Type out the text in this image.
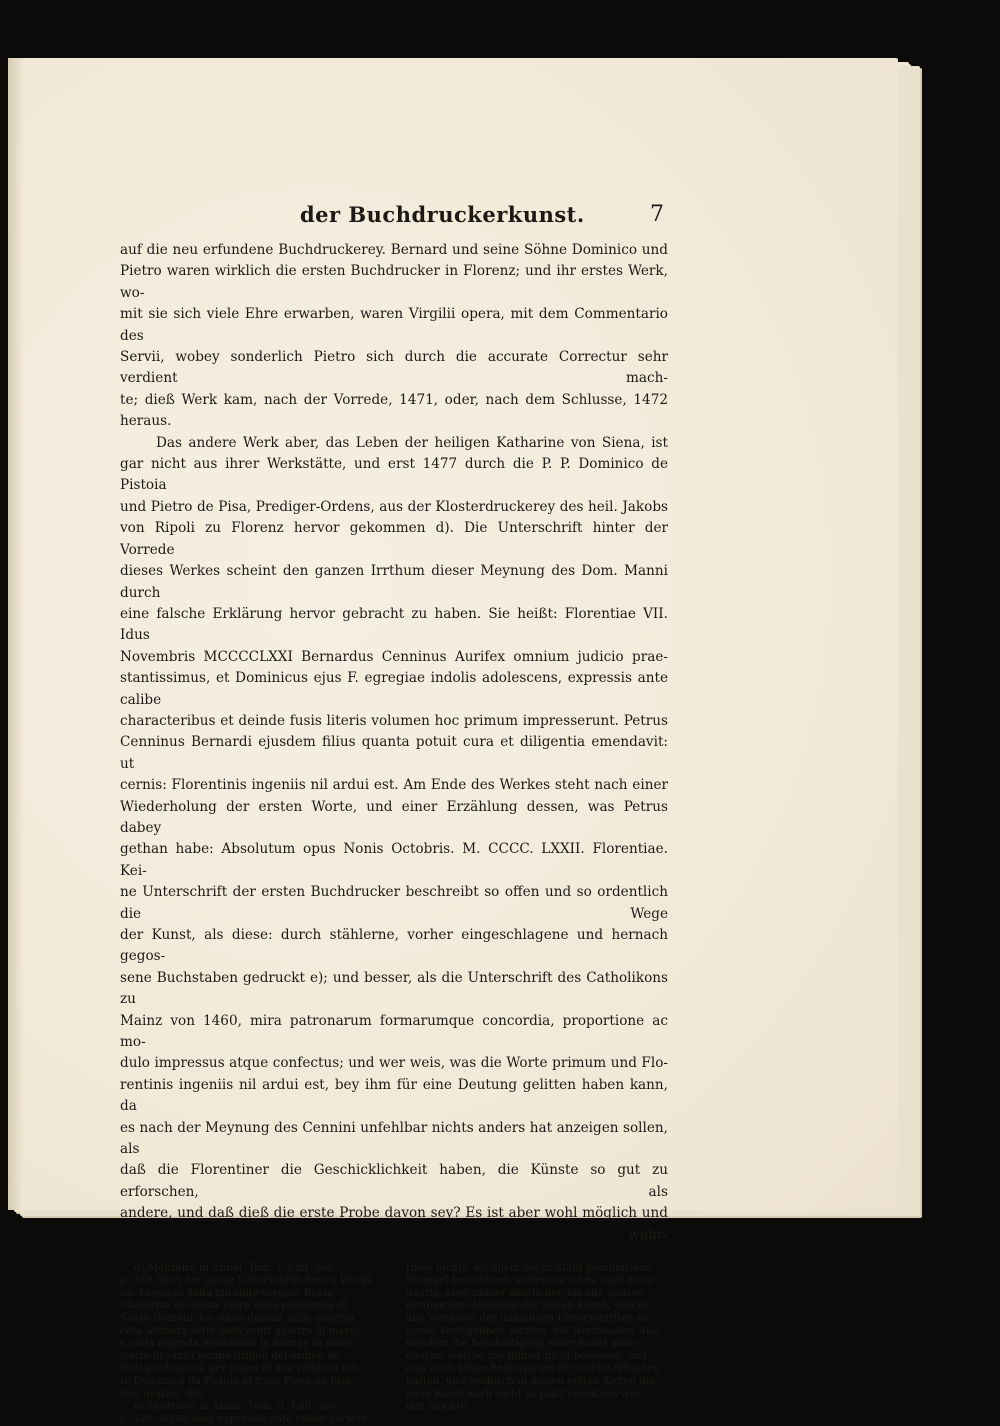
der Buchdruckerkunst.	7

auf die neu erfundene Buchdruckerey. Bernard und seine Söhne Dominico und

Pietro waren wirklich die ersten Buchdrucker in Florenz; und ihr erstes Werk, wo-

mit sie sich viele Ehre erwarben, waren Virgilii opera, mit dem Commentario des

Servii, wobey sonderlich Pietro sich durch die accurate Correctur sehr verdient mach-

te; dieß Werk kam, nach der Vorrede, 1471, oder, nach dem Schlusse, 1472 heraus.

Das andere Werk aber, das Leben der heiligen Katharine von Siena, ist

gar nicht aus ihrer Werkstätte, und erst 1477 durch die P. P. Dominico de Pistoia

und Pietro de Pisa, Prediger-Ordens, aus der Klosterdruckerey des heil. Jakobs

von Ripoli zu Florenz hervor gekommen d). Die Unterschrift hinter der Vorrede

dieses Werkes scheint den ganzen Irrthum dieser Meynung des Dom. Manni durch

eine falsche Erklärung hervor gebracht zu haben. Sie heißt: Florentiae VII. Idus

Novembris MCCCCLXXI Bernardus Cenninus Aurifex omnium judicio prae-

stantissimus, et Dominicus ejus F. egregiae indolis adolescens, expressis ante calibe

characteribus et deinde fusis literis volumen hoc primum impresserunt. Petrus

Cenninus Bernardi ejusdem filius quanta potuit cura et diligentia emendavit: ut

cernis: Florentinis ingeniis nil ardui est. Am Ende des Werkes steht nach einer

Wiederholung der ersten Worte, und einer Erzählung dessen, was Petrus dabey

gethan habe: Absolutum opus Nonis Octobris. M. CCCC. LXXII. Florentiae. Kei-

ne Unterschrift der ersten Buchdrucker beschreibt so offen und so ordentlich die Wege

der Kunst, als diese: durch stählerne, vorher eingeschlagene und hernach gegos-

sene Buchstaben gedruckt e); und besser, als die Unterschrift des Catholikons zu

Mainz von 1460, mira patronarum formarumque concordia, proportione ac mo-

dulo impressus atque confectus; und wer weis, was die Worte primum und Flo-

rentinis ingeniis nil ardui est, bey ihm für eine Deutung gelitten haben kann, da

es nach der Meynung des Cennini unfehlbar nichts anders hat anzeigen sollen, als

daß die Florentiner die Geschicklichkeit haben, die Künste so gut zu erforschen, als

andere, und daß dieß die erste Probe davon sey? Es ist aber wohl möglich und

wahr-

d) Maittaire in Annal. Tom. I. Edit. nov.

p. 379 führt die ganze Unterschrift dieses Werks

an. Legenda della mirabile vergine Beata

Chaterina de Siena fuora della penitentia di

Santo Domenicho: Anno domini mille quattro

cēto settanta sette addi venti quattro di marȩo

e stata legenda inprontata in firenȩe al moni-

sterio di santo iacobo dripoli del ordine de

frati predicatori, per mano di dua religiosi fra-

te Domenico da Pistoia et frate Piero da Pisa:

Deo gratias. 4to.

e) Maittaire in Annal. Tom. II. Edit. nov.

p. 320. Sollte dieß expressis ante calibe caracte-

ribus nichts, als allein die in Stahl geschnittene

Stempel bezeichnen wollen: so ist es wohl zwey-

deutig, aber immer deutlicher, als alle andere

dergleichen Anzeigen der neuen Kunst, welche

alle Verfasser der damaligen Unterschriften in

große Verlegenheit setzten, mit lateinischen Aus-

drücken die Beschäftigung einer Kunst anzu-

deuten, welche die Römer nicht besessen, und

also auch keine Redensarten für solche erfunden

hatten, und wodurch in diesen ersten Zeiten die

neue Kunst auch nicht so platt verrathen wer-

den möchte.
